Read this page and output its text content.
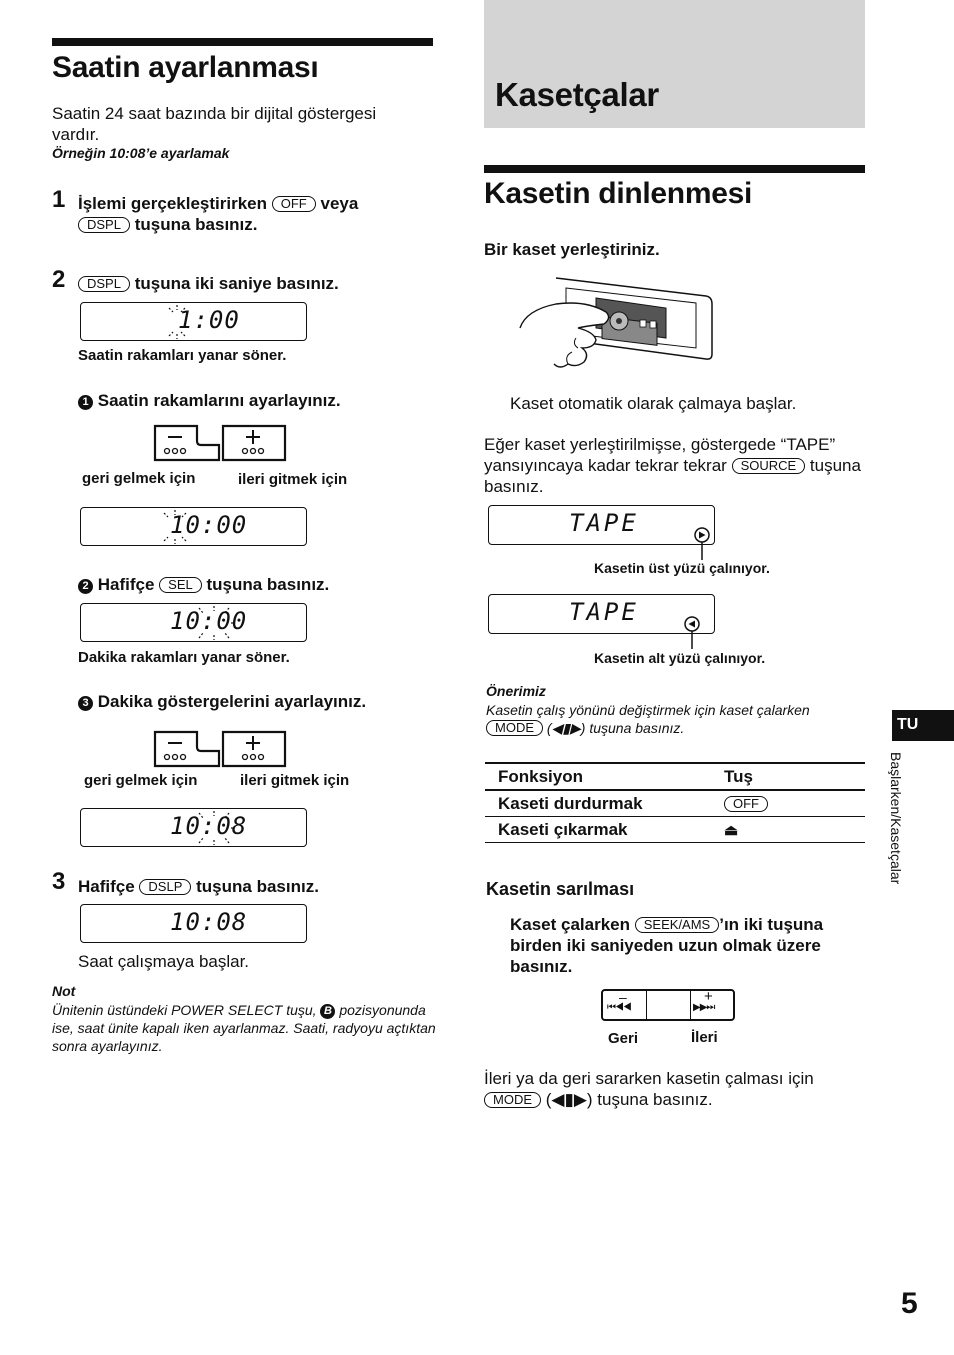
Saatin ayarlanması
Saatin 24 saat bazında bir dijital göstergesi vardır.
Örneğin 10:08’e ayarlamak
1 İşlemi gerçekleştirirken OFF veya DSPL tuşuna basınız.
2	DSPL tuşuna iki saniye basınız.
1:00
Saatin rakamları yanar söner.
1 Saatin rakamlarını ayarlayınız.
geri gelmek için	ileri gitmek için
10:00
2 Hafifçe SEL tuşuna basınız.
10:00
Dakika rakamları yanar söner.
3 Dakika göstergelerini ayarlayınız.
geri gelmek için	ileri gitmek için
10:08
3 Hafifçe DSLP tuşuna basınız.
10:08
Saat çalışmaya başlar.
Not
Ünitenin üstündeki POWER SELECT tuşu, B pozisyonunda ise, saat ünite kapalı iken ayarlanmaz. Saati, radyoyu açtıktan sonra ayarlayınız.
Kasetçalar
Kasetin dinlenmesi
Bir kaset yerleştiriniz.
Kaset otomatik olarak çalmaya başlar.
Eğer kaset yerleştirilmişse, göstergede “TAPE” yansıyıncaya kadar tekrar tekrar SOURCE tuşuna basınız.
TAPE
Kasetin üst yüzü çalınıyor.
TAPE
Kasetin alt yüzü çalınıyor.
Önerimiz
Kasetin çalış yönünü değiştirmek için kaset çalarken MODE (◀▮▶) tuşuna basınız.
Fonksiyon	Tuş
Kaseti durdurmak	OFF
Kaseti çıkarmak	⏏
Kasetin sarılması
Kaset çalarken SEEK/AMS ’ın iki tuşuna birden iki saniyeden uzun olmak üzere basınız.
–
⏮◀◀
+
▶▶⏭
Geri	İleri
İleri ya da geri sararken kasetin çalması için MODE (◀▮▶) tuşuna basınız.
TU
Başlarken/Kasetçalar
5
